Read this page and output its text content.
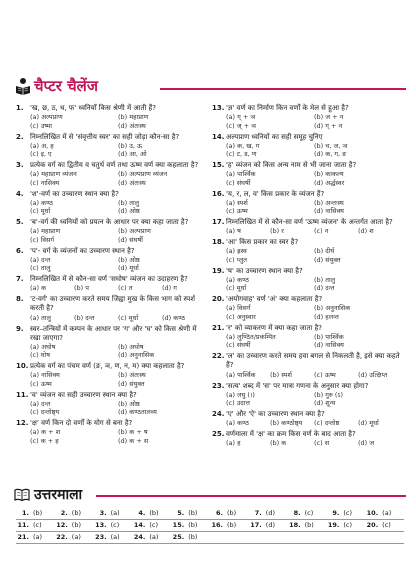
चैप्टर चैलेंज
1. 'ख, छ, ठ, थ, फ' ध्वनियाँ किस श्रेणी में आती हैं?
(a) अल्पप्राण	(b) महाप्राण
(c) उष्मा	(d) अंतःस्थ
2. निम्नलिखित में से 'संवृत्तीय स्वर' का सही जोड़ा कौन-सा है?
(a) अ, ह	(b) उ, ऊ
(c) इ, ए	(d) आ, ओ
3. प्रत्येक वर्ग का द्वितीय व चतुर्थ वर्ण तथा ऊष्म वर्ण क्या कहलाता है?
(a) महाप्राण व्यंजन	(b) अल्पप्राण व्यंजन
(c) नासिक्य	(d) अंतःस्थ
4. 'श'-वर्ण का उच्चारण स्थान क्या है?
(a) कण्ठ	(b) तालु
(c) मूर्धा	(d) ओष्ठ
5. 'ब'-वर्ग की ध्वनियों को प्रयत्न के आधार पर क्या कहा जाता है?
(a) महाप्राण	(b) अल्पप्राण
(c) विसर्ग	(d) संघर्षी
6. 'प'- वर्ग के व्यंजनों का उच्चारण स्थान है?
(a) दन्त	(b) ओष्ठ
(c) तालु	(d) मूर्धा
7. निम्नलिखित में से कौन-सा वर्ण 'सघोष' व्यंजन का उदाहरण है?
(a) क	(b) प	(c) त	(d) ग
8. 'ट-वर्ग' का उच्चारण करते समय जिह्वा मुख के किस भाग को स्पर्श करती है?
(a) तालु	(b) दन्त	(c) मूर्धा	(d) कण्ठ
9. स्वर–तन्त्रियों में कम्पन के आधार पर 'ग' और 'घ' को किस श्रेणी में रखा जाएगा?
(a) अघोष	(b) अघोष
(c) घोष	(d) अनुनासिक
10. प्रत्येक वर्ग का पंचम वर्ण (ङ, ञ, ण, न, म) क्या कहलाता है?
(a) नासिक्य	(b) अंतःस्थ
(c) ऊष्म	(d) संयुक्त
11. 'व' व्यंजन का सही उच्चारण स्थान क्या है?
(a) दन्त	(b) ओष्ठ
(c) दन्तोष्ठ्य	(d) कण्ठतालव्य
12. 'क्ष' वर्ण किन दो वर्णों के योग से बना है?
(a) क + श	(b) क + ष
(c) क + ह	(d) क + स
13. 'ज्ञ' वर्ण का निर्माण किन वर्णों के मेल से हुआ है?
(a) ग् + ञ	(b) ज + न
(c) ज् + ञ	(d) ग् + न
14. अल्पप्राण ध्वनियों का सही समूह चुनिए
(a) क, ख, ग	(b) च, ज, ञ
(c) ट, ड, ण	(d) क, ग, ङ
15. 'ह' व्यंजन को किस अन्य नाम से भी जाना जाता है?
(a) पार्श्विक	(b) काकल्य
(c) संघर्षी	(d) अर्द्धस्वर
16. 'य, र, ल, व' किस प्रकार के व्यंजन हैं?
(a) स्पर्श	(b) अन्तःस्थ
(c) ऊष्म	(d) नासिक्य
17. निम्नलिखित में से कौन-सा वर्ण 'ऊष्म व्यंजन' के अन्तर्गत आता है?
(a) ष	(b) र	(c) न	(d) श
18. 'आ' किस प्रकार का स्वर है?
(a) ह्रस्व	(b) दीर्घ
(c) प्लुत	(d) संयुक्त
19. 'ष' का उच्चारण स्थान क्या है?
(a) कण्ठ	(b) तालु
(c) मूर्धा	(d) दन्त
20. 'अयोगवाह' वर्ण 'अं' क्या कहलाता है?
(a) विसर्ग	(b) अनुनासिक
(c) अनुस्वार	(d) हलन्त
21. 'र' को व्याकरण में क्या कहा जाता है?
(a) लुण्ठित/प्रकम्पित	(b) पार्श्विक
(c) संघर्षी	(d) नासिक्य
22. 'ल' का उच्चारण करते समय हवा बगल से निकलती है, इसे क्या कहते हैं?
(a) पार्श्विक	(b) स्पर्श	(c) ऊष्म	(d) उत्क्षिप्त
23. 'सत्य' शब्द में 'स' पर मात्रा गणना के अनुसार क्या होगा?
(a) लघु (।)	(b) गुरु (ऽ)
(c) उदात्त	(d) शून्य
24. 'ए' और 'ऐ' का उच्चारण स्थान क्या है?
(a) कण्ठ	(b) कण्ठोष्ठ्य	(c) दन्तोष्ठ	(d) मूर्धा
25. वर्णमाला में 'क्ष' का क्रम किस वर्ण के बाद आता है?
(a) ह	(b) क	(c) स	(d) ज
उत्तरमाला
1.	(b)	2.	(b)	3.	(a)	4.	(b)	5.	(b)	6.	(b)	7.	(d)	8.	(c)	9.	(c)	10.	(a)
11.	(c)	12.	(b)	13.	(c)	14.	(c)	15.	(b)	16.	(b)	17.	(d)	18.	(b)	19.	(c)	20.	(c)
21.	(a)	22.	(a)	23.	(a)	24.	(a)	25.	(b)										
